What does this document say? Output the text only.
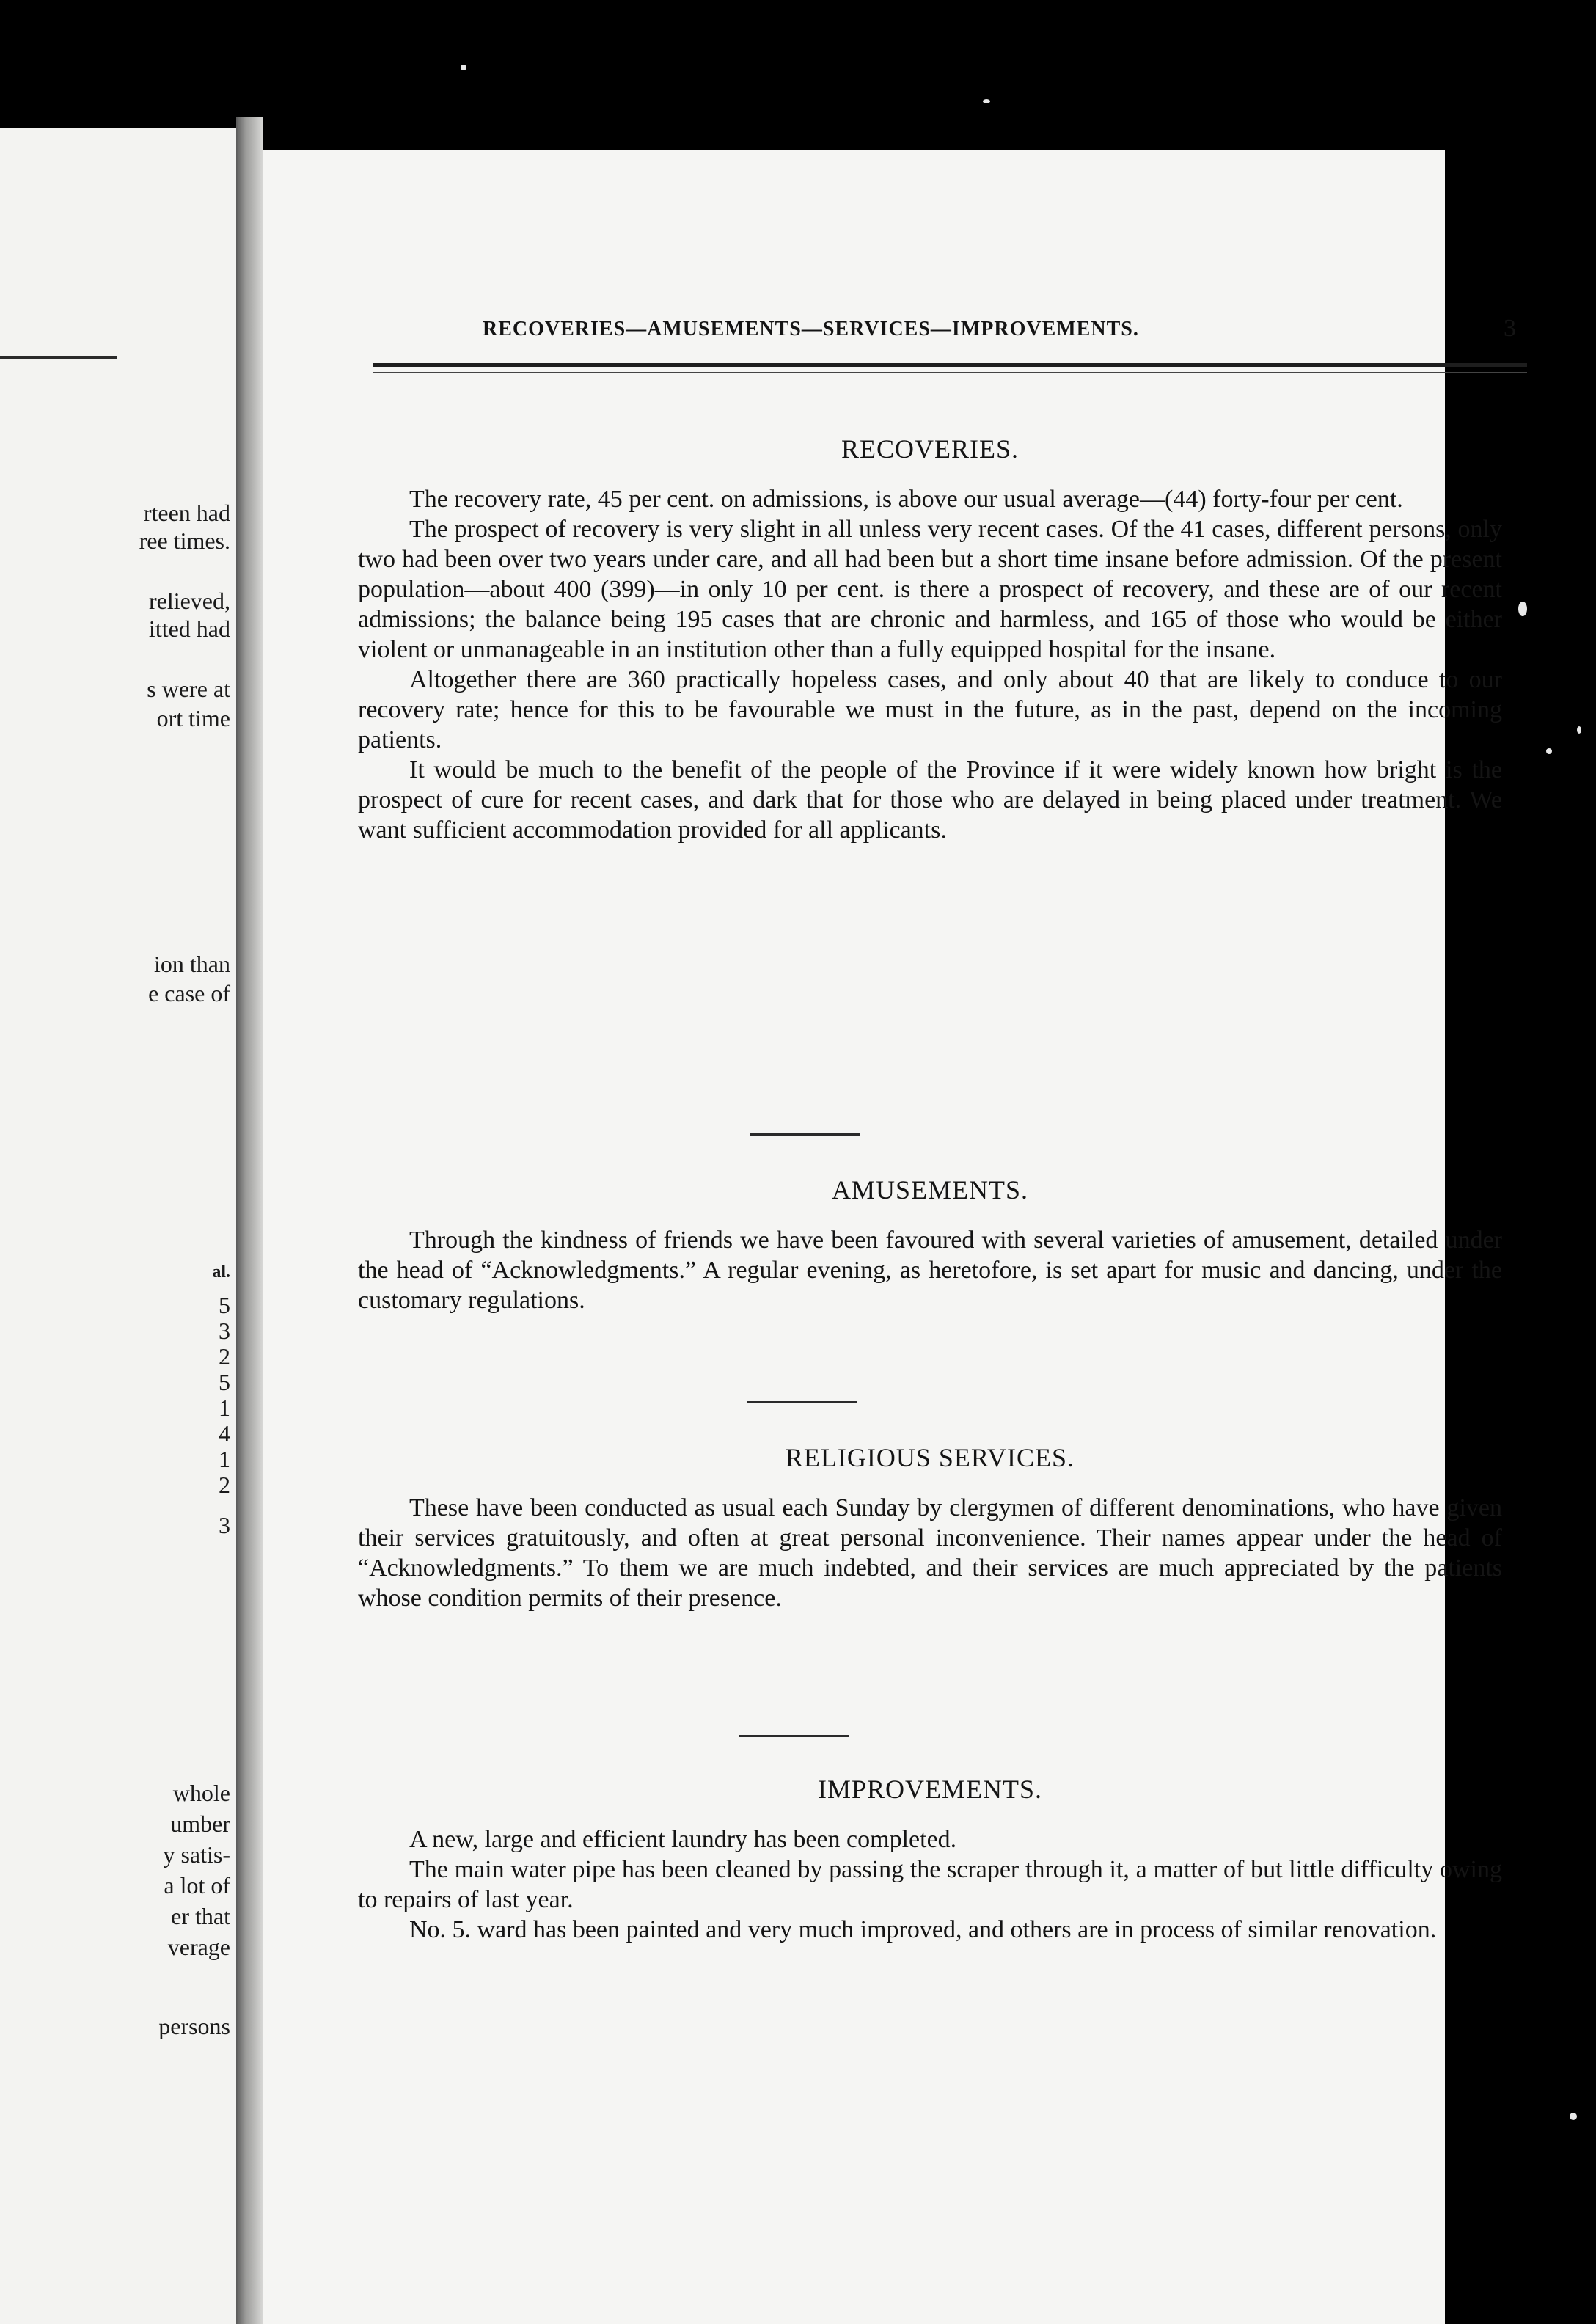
rteen had
ree times.
relieved,
itted had
s were at
ort time
ion than
e case of
al.
5
3
2
5
1
4
1
2
3
whole
umber
y satis-
a lot of
er that
verage
persons
RECOVERIES—AMUSEMENTS—SERVICES—IMPROVEMENTS.	3
RECOVERIES.

The recovery rate, 45 per cent. on admissions, is above our usual average—(44) forty-four per cent.

The prospect of recovery is very slight in all unless very recent cases. Of the 41 cases, different persons, only two had been over two years under care, and all had been but a short time insane before admission. Of the present population—about 400 (399)—in only 10 per cent. is there a prospect of recovery, and these are of our recent admissions; the balance being 195 cases that are chronic and harmless, and 165 of those who would be either violent or unmanageable in an institution other than a fully equipped hospital for the insane.

Altogether there are 360 practically hopeless cases, and only about 40 that are likely to conduce to our recovery rate; hence for this to be favourable we must in the future, as in the past, depend on the incoming patients.

It would be much to the benefit of the people of the Province if it were widely known how bright is the prospect of cure for recent cases, and dark that for those who are delayed in being placed under treatment. We want sufficient accommodation provided for all applicants.

AMUSEMENTS.

Through the kindness of friends we have been favoured with several varieties of amusement, detailed under the head of “Acknowledgments.” A regular evening, as heretofore, is set apart for music and dancing, under the customary regulations.

RELIGIOUS SERVICES.

These have been conducted as usual each Sunday by clergymen of different denominations, who have given their services gratuitously, and often at great personal inconvenience. Their names appear under the head of “Acknowledgments.” To them we are much indebted, and their services are much appreciated by the patients whose condition permits of their presence.

IMPROVEMENTS.

A new, large and efficient laundry has been completed.

The main water pipe has been cleaned by passing the scraper through it, a matter of but little difficulty owing to repairs of last year.

No. 5. ward has been painted and very much improved, and others are in process of similar renovation.
